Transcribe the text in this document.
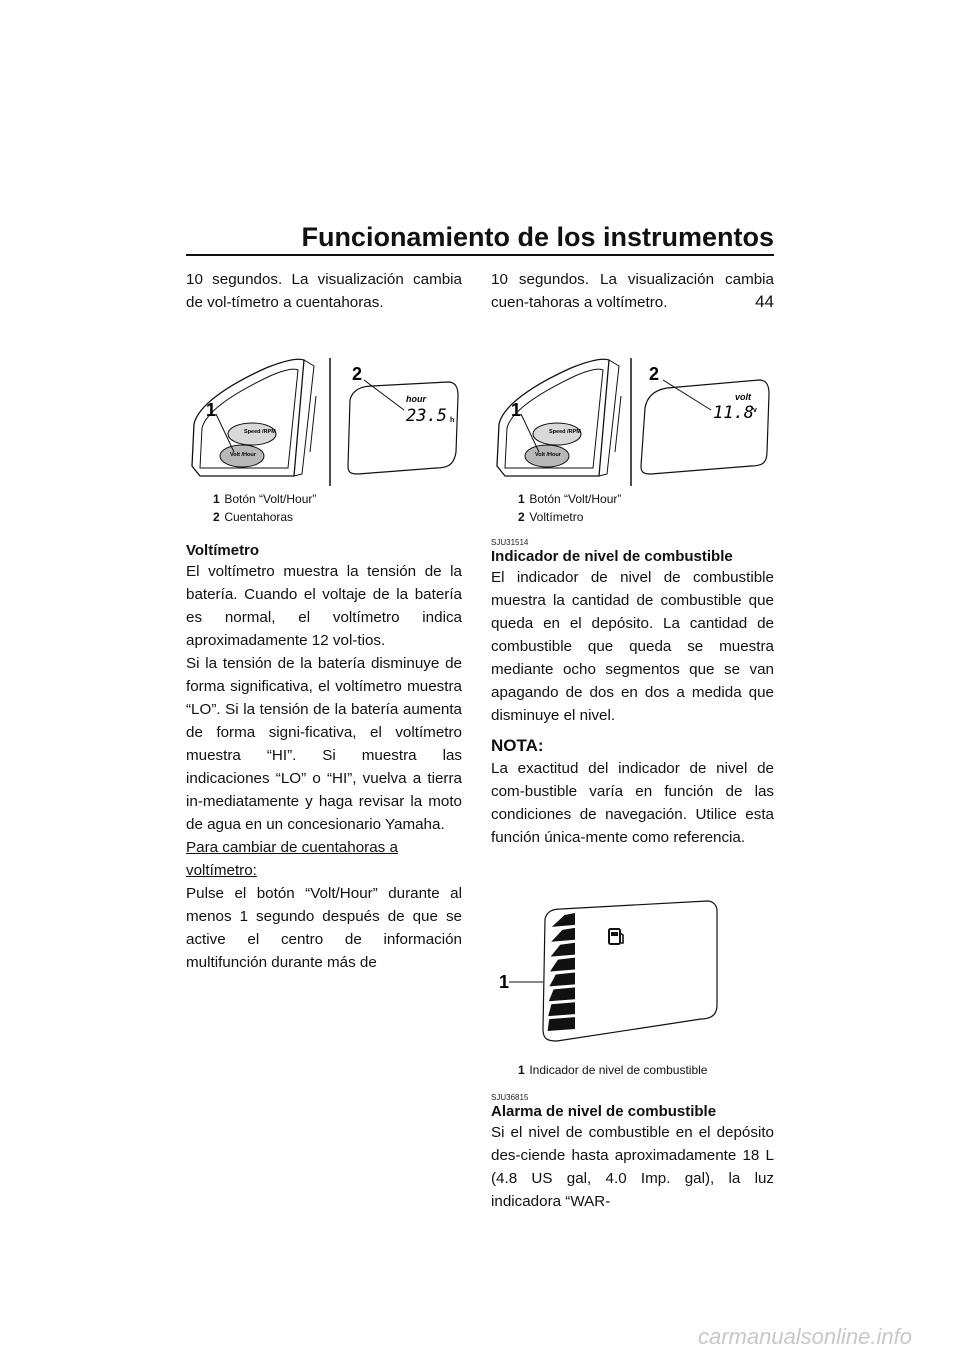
Funcionamiento de los instrumentos
44

10 segundos. La visualización cambia de vol-tímetro a cuentahoras.

Speed /RPM
Volt /Hour
1
hour
23.5 h
2
1 Botón “Volt/Hour”
2 Cuentahoras
Voltímetro

El voltímetro muestra la tensión de la batería. Cuando el voltaje de la batería es normal, el voltímetro indica aproximadamente 12 vol-tios.

Si la tensión de la batería disminuye de forma significativa, el voltímetro muestra “LO”. Si la tensión de la batería aumenta de forma signi-ficativa, el voltímetro muestra “HI”. Si muestra las indicaciones “LO” o “HI”, vuelva a tierra in-mediatamente y haga revisar la moto de agua en un concesionario Yamaha.

Para cambiar de cuentahoras a voltímetro:

Pulse el botón “Volt/Hour” durante al menos 1 segundo después de que se active el centro de información multifunción durante más de

10 segundos. La visualización cambia cuen-tahoras a voltímetro.

Speed /RPM
Volt /Hour
1
volt
11.8 v
2
1 Botón “Volt/Hour”
2 Voltímetro
SJU31514
Indicador de nivel de combustible

El indicador de nivel de combustible muestra la cantidad de combustible que queda en el depósito. La cantidad de combustible que queda se muestra mediante ocho segmentos que se van apagando de dos en dos a medida que disminuye el nivel.

NOTA:

La exactitud del indicador de nivel de com-bustible varía en función de las condiciones de navegación. Utilice esta función única-mente como referencia.

1
1 Indicador de nivel de combustible
SJU36815
Alarma de nivel de combustible

Si el nivel de combustible en el depósito des-ciende hasta aproximadamente 18 L (4.8 US gal, 4.0 Imp. gal), la luz indicadora “WAR-

carmanualsonline.info
